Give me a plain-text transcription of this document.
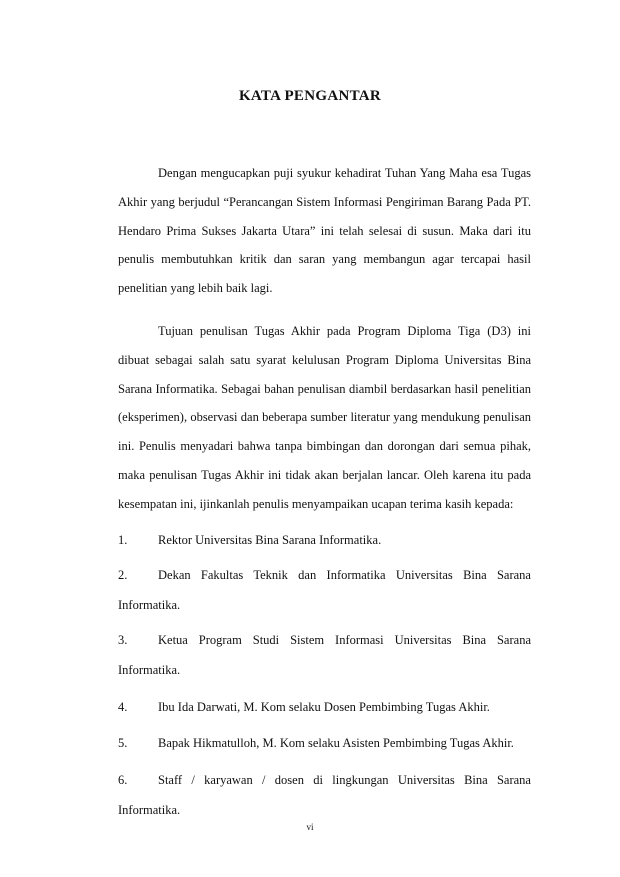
KATA PENGANTAR
Dengan mengucapkan puji syukur kehadirat Tuhan Yang Maha esa Tugas Akhir yang berjudul “Perancangan Sistem Informasi Pengiriman Barang Pada PT. Hendaro Prima Sukses Jakarta Utara” ini telah selesai di susun. Maka dari itu penulis membutuhkan kritik dan saran yang membangun agar tercapai hasil penelitian yang lebih baik lagi.
Tujuan penulisan Tugas Akhir pada Program Diploma Tiga (D3) ini dibuat sebagai salah satu syarat kelulusan Program Diploma Universitas Bina Sarana Informatika. Sebagai bahan penulisan diambil berdasarkan hasil penelitian (eksperimen), observasi dan beberapa sumber literatur yang mendukung penulisan ini. Penulis menyadari bahwa tanpa bimbingan dan dorongan dari semua pihak, maka penulisan Tugas Akhir ini tidak akan berjalan lancar. Oleh karena itu pada kesempatan ini, ijinkanlah penulis menyampaikan ucapan terima kasih kepada:
1.	Rektor Universitas Bina Sarana Informatika.
2.	Dekan Fakultas Teknik dan Informatika Universitas Bina Sarana Informatika.
3.	Ketua Program Studi Sistem Informasi Universitas Bina Sarana Informatika.
4.	Ibu Ida Darwati, M. Kom selaku Dosen Pembimbing Tugas Akhir.
5.	Bapak Hikmatulloh, M. Kom selaku Asisten Pembimbing Tugas Akhir.
6.	Staff / karyawan / dosen di lingkungan Universitas Bina Sarana Informatika.
vi
